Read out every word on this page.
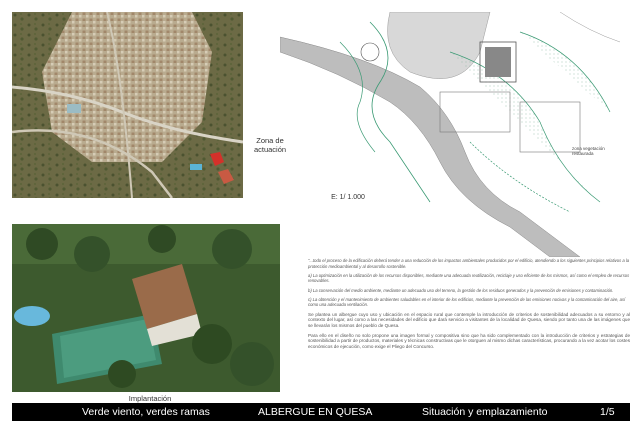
Zona de actuación
Implantación
E: 1/ 1.000
zona vegetación restaurada

"...todo el proceso de la edificación deberá tender a una reducción de los impactos ambientales producidos por el edificio, atendiendo a los siguientes principios relativos a la protección medioambiental y al desarrollo sostenible.

a) La optimización en la utilización de los recursos disponibles, mediante una adecuada reutilización, reciclaje y uso eficiente de los mismos, así como el empleo de recursos renovables.

b) La conservación del medio ambiente, mediante un adecuado uso del terreno, la gestión de los residuos generados y la prevención de emisiones y contaminación.

c) La obtención y el mantenimiento de ambientes saludables en el interior de los edificios, mediante la prevención de las emisiones nocivas y la contaminación del aire, así como una adecuada ventilación.

Se plantea un albergue cuyo uso y ubicación en el espacio rural que contemple la introducción de criterios de sostenibilidad adecuados a su entorno y al contexto del lugar, así como a las necesidades del edificio que dará servicio a visitantes de la localidad de Quesa, siendo por tanto una de las imágenes que se llevarán los mismos del pueblo de Quesa.

Para ello en el diseño no solo propone una imagen formal y compositiva sino que ha sido complementado con la introducción de criterios y estrategias de sostenibilidad a partir de productos, materiales y técnicas constructivas que le otorguen al mismo dichas características, procurando a la vez acotar los costes económicos de ejecución, como exige el Pliego del Concurso.

Verde viento, verdes ramas	ALBERGUE EN QUESA	Situación y emplazamiento	1/5
